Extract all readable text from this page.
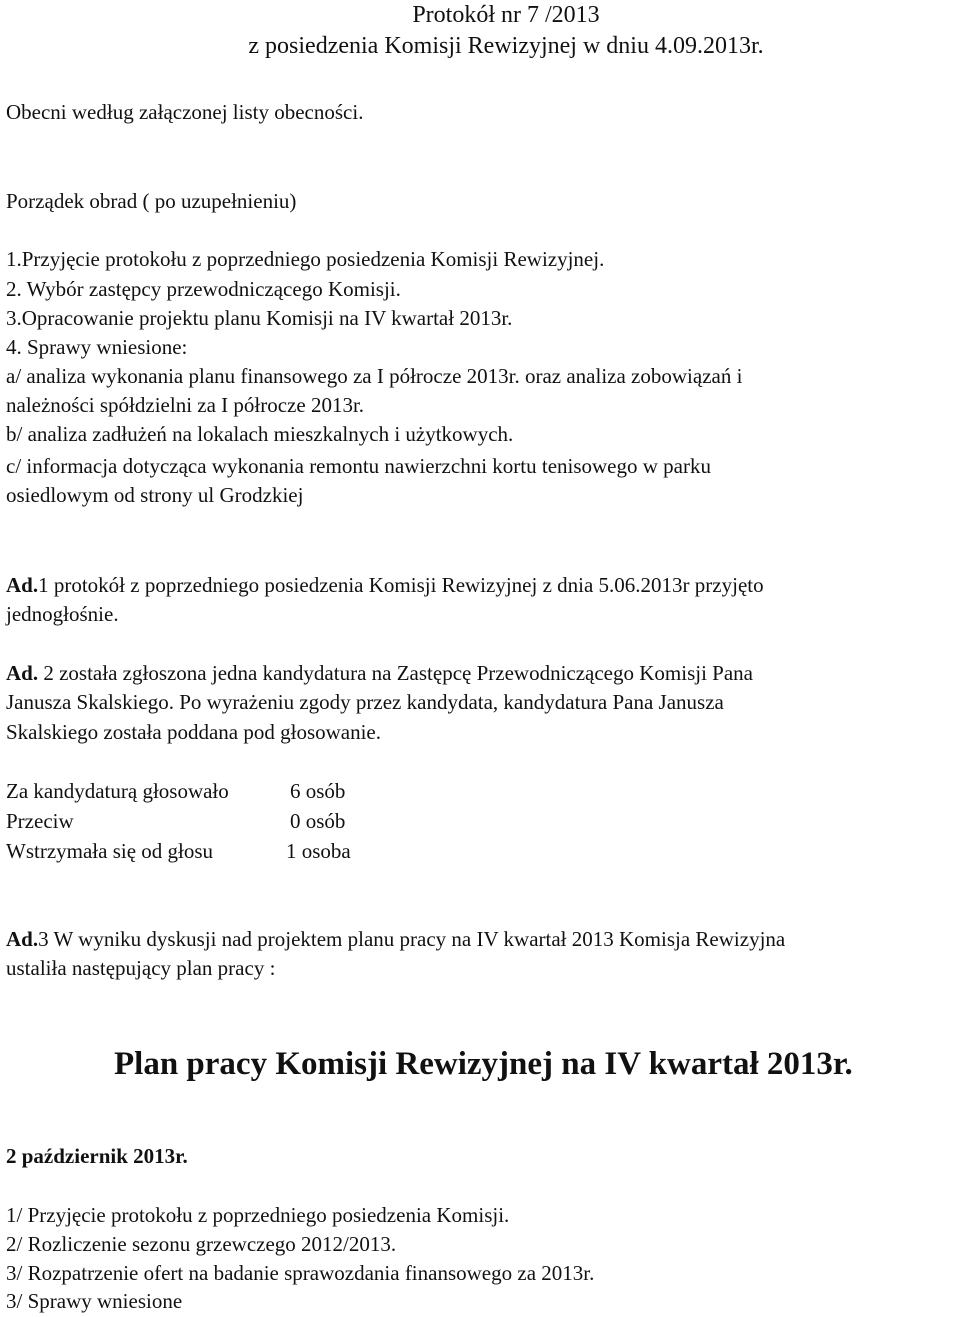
Protokół nr 7 /2013
z posiedzenia Komisji Rewizyjnej w dniu 4.09.2013r.
Obecni według załączonej listy obecności.
Porządek obrad ( po uzupełnieniu)
1.Przyjęcie protokołu z poprzedniego posiedzenia Komisji Rewizyjnej.
2. Wybór zastępcy przewodniczącego Komisji.
3.Opracowanie projektu planu Komisji na IV kwartał 2013r.
4. Sprawy wniesione:
a/ analiza wykonania planu finansowego za I półrocze 2013r. oraz analiza zobowiązań i
należności spółdzielni za I półrocze 2013r.
b/ analiza zadłużeń na lokalach mieszkalnych i użytkowych.
c/ informacja dotycząca wykonania remontu nawierzchni kortu tenisowego w parku
osiedlowym od strony ul Grodzkiej
Ad.1 protokół z poprzedniego posiedzenia Komisji Rewizyjnej z dnia 5.06.2013r przyjęto
jednogłośnie.
Ad. 2 została zgłoszona jedna kandydatura na Zastępcę Przewodniczącego Komisji Pana
Janusza Skalskiego. Po wyrażeniu zgody przez kandydata, kandydatura Pana Janusza
Skalskiego została poddana pod głosowanie.
Za kandydaturą głosowało	6 osób
Przeciw	0 osób
Wstrzymała się od głosu	1 osoba
Ad.3 W wyniku dyskusji nad projektem planu pracy na IV kwartał 2013 Komisja Rewizyjna
ustaliła następujący plan pracy :
Plan pracy Komisji Rewizyjnej na IV kwartał 2013r.
2 październik 2013r.
1/ Przyjęcie protokołu z poprzedniego posiedzenia Komisji.
2/ Rozliczenie sezonu grzewczego 2012/2013.
3/ Rozpatrzenie ofert na badanie sprawozdania finansowego za 2013r.
3/ Sprawy wniesione
